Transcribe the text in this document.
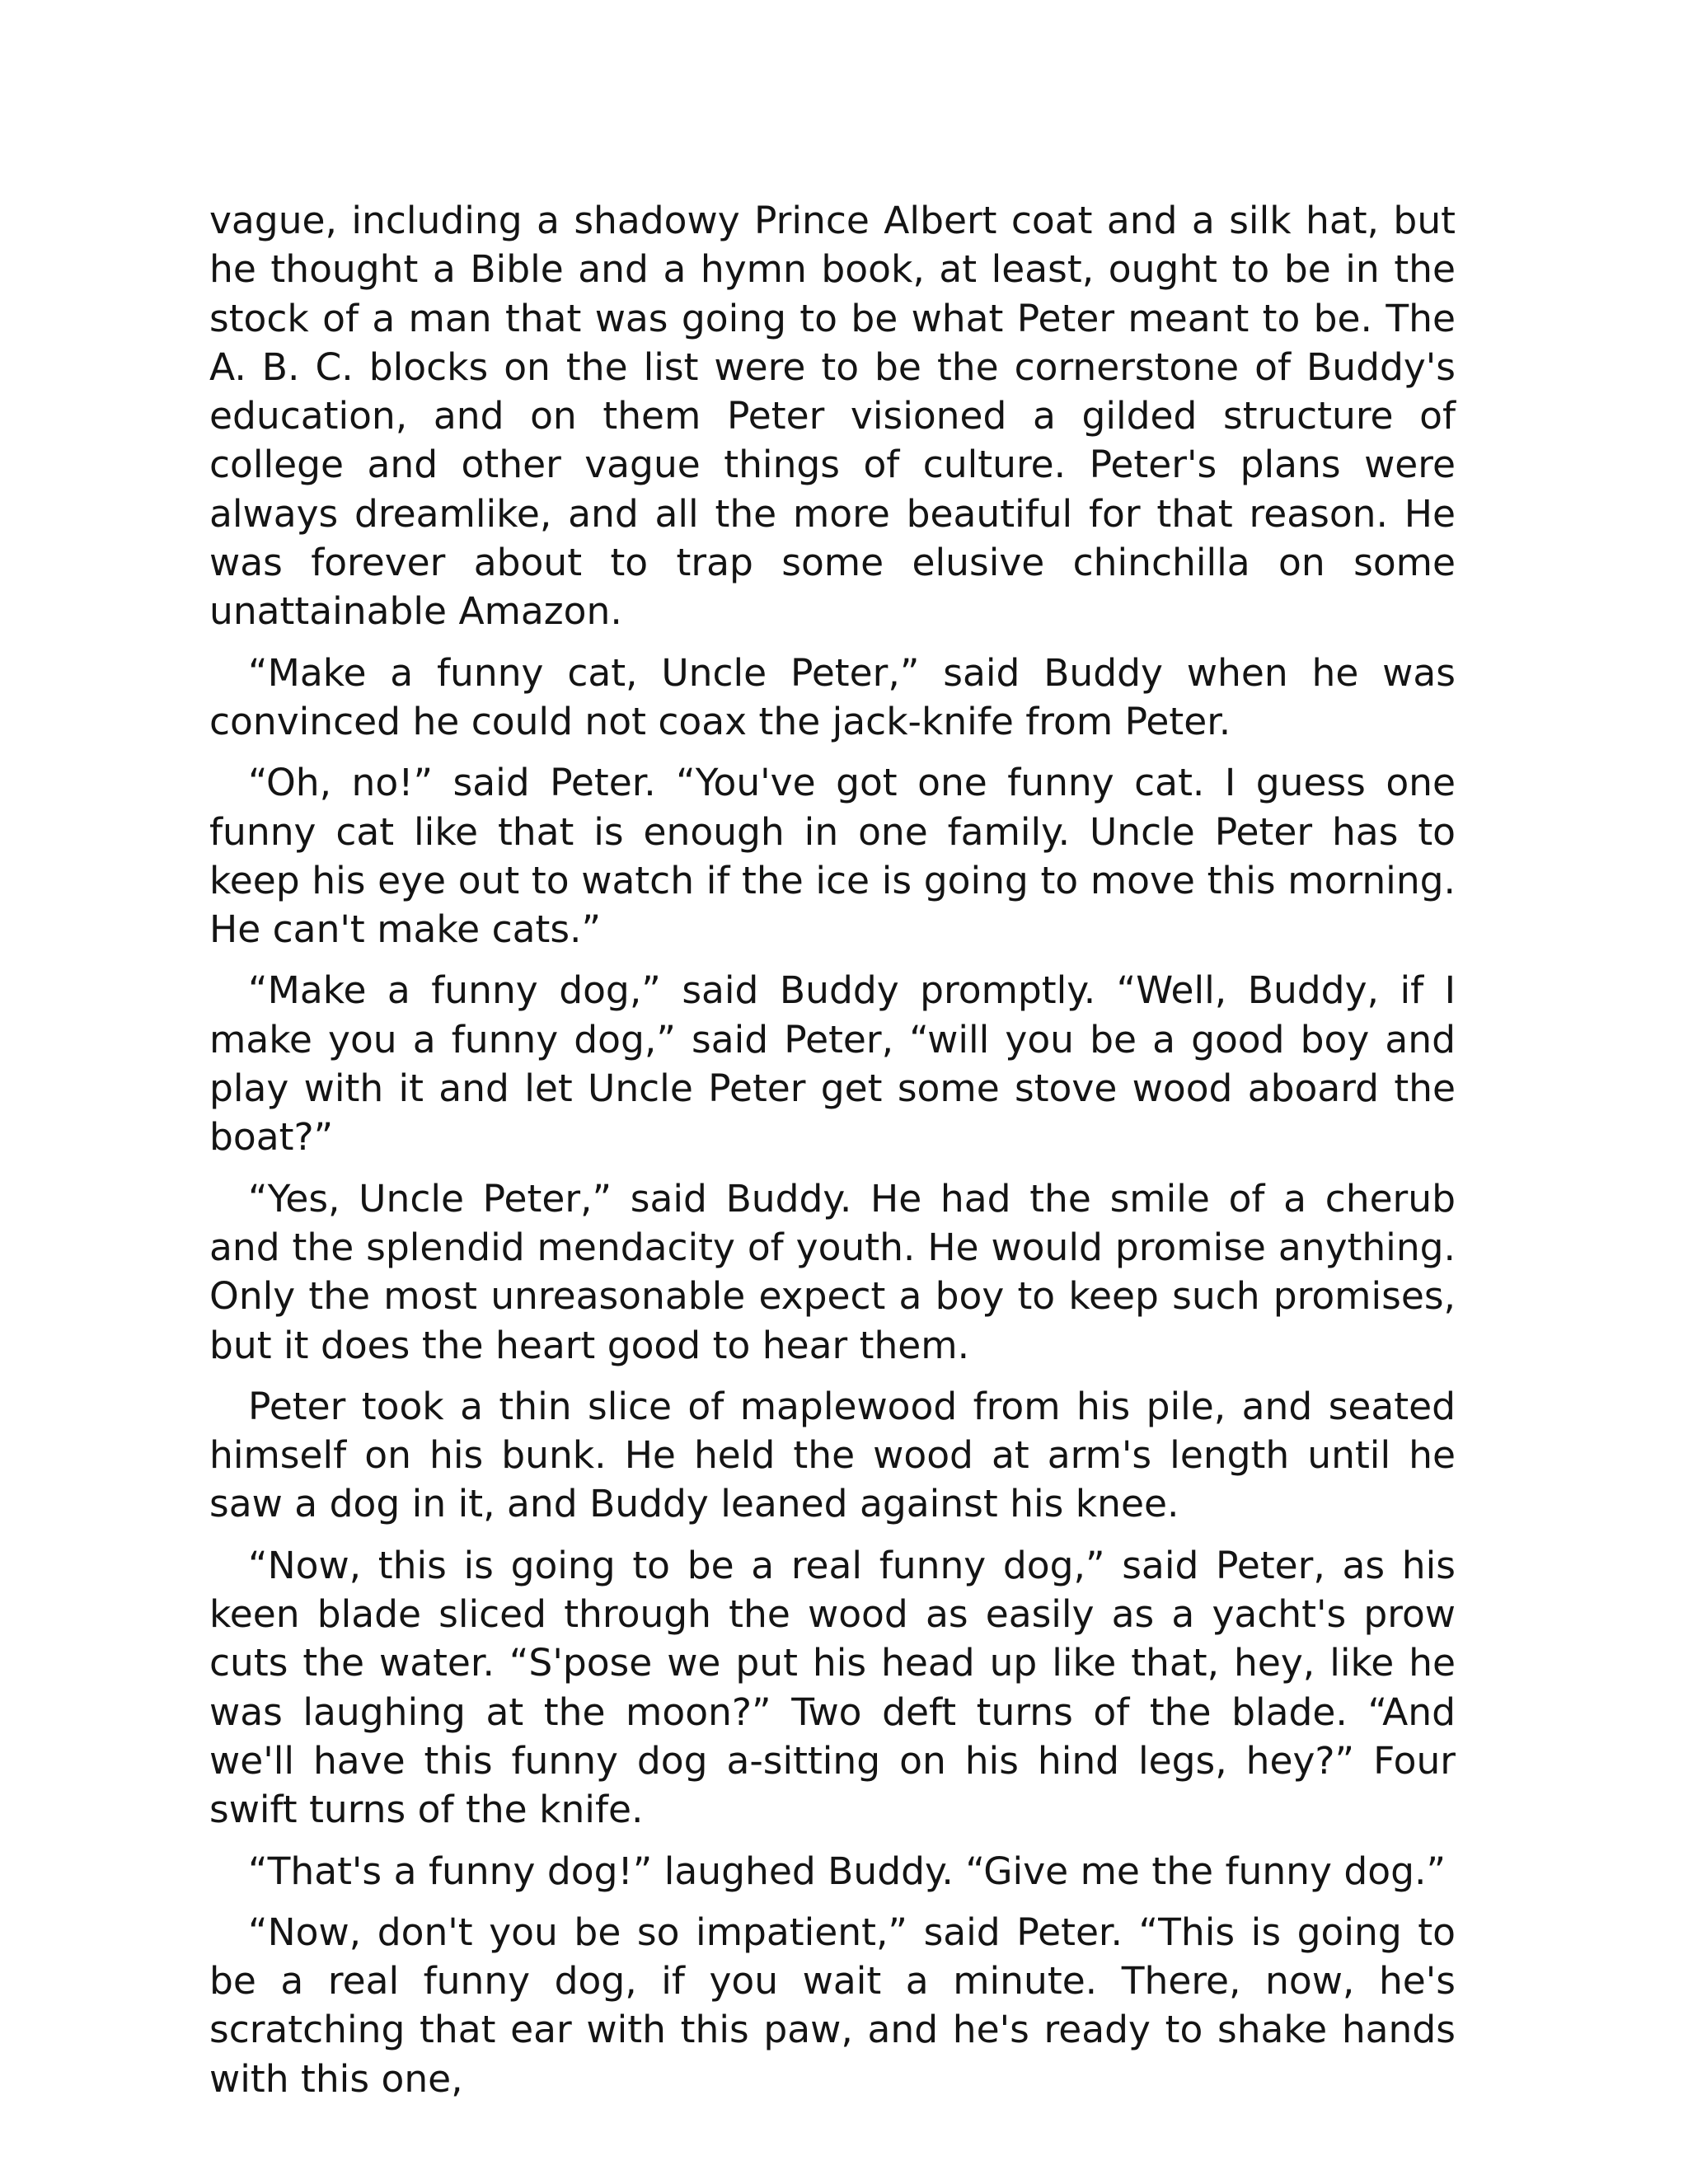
vague, including a shadowy Prince Albert coat and a silk hat, but he thought a Bible and a hymn book, at least, ought to be in the stock of a man that was going to be what Peter meant to be. The A. B. C. blocks on the list were to be the cornerstone of Buddy's education, and on them Peter visioned a gilded structure of college and other vague things of culture. Peter's plans were always dreamlike, and all the more beautiful for that reason. He was forever about to trap some elusive chinchilla on some unattainable Amazon.

“Make a funny cat, Uncle Peter,” said Buddy when he was convinced he could not coax the jack-knife from Peter.

“Oh, no!” said Peter. “You've got one funny cat. I guess one funny cat like that is enough in one family. Uncle Peter has to keep his eye out to watch if the ice is going to move this morning. He can't make cats.”

“Make a funny dog,” said Buddy promptly. “Well, Buddy, if I make you a funny dog,” said Peter, “will you be a good boy and play with it and let Uncle Peter get some stove wood aboard the boat?”

“Yes, Uncle Peter,” said Buddy. He had the smile of a cherub and the splendid mendacity of youth. He would promise anything. Only the most unreasonable expect a boy to keep such promises, but it does the heart good to hear them.

Peter took a thin slice of maplewood from his pile, and seated himself on his bunk. He held the wood at arm's length until he saw a dog in it, and Buddy leaned against his knee.

“Now, this is going to be a real funny dog,” said Peter, as his keen blade sliced through the wood as easily as a yacht's prow cuts the water. “S'pose we put his head up like that, hey, like he was laughing at the moon?” Two deft turns of the blade. “And we'll have this funny dog a-sitting on his hind legs, hey?” Four swift turns of the knife.

“That's a funny dog!” laughed Buddy. “Give me the funny dog.”

“Now, don't you be so impatient,” said Peter. “This is going to be a real funny dog, if you wait a minute. There, now, he's scratching that ear with this paw, and he's ready to shake hands with this one,
